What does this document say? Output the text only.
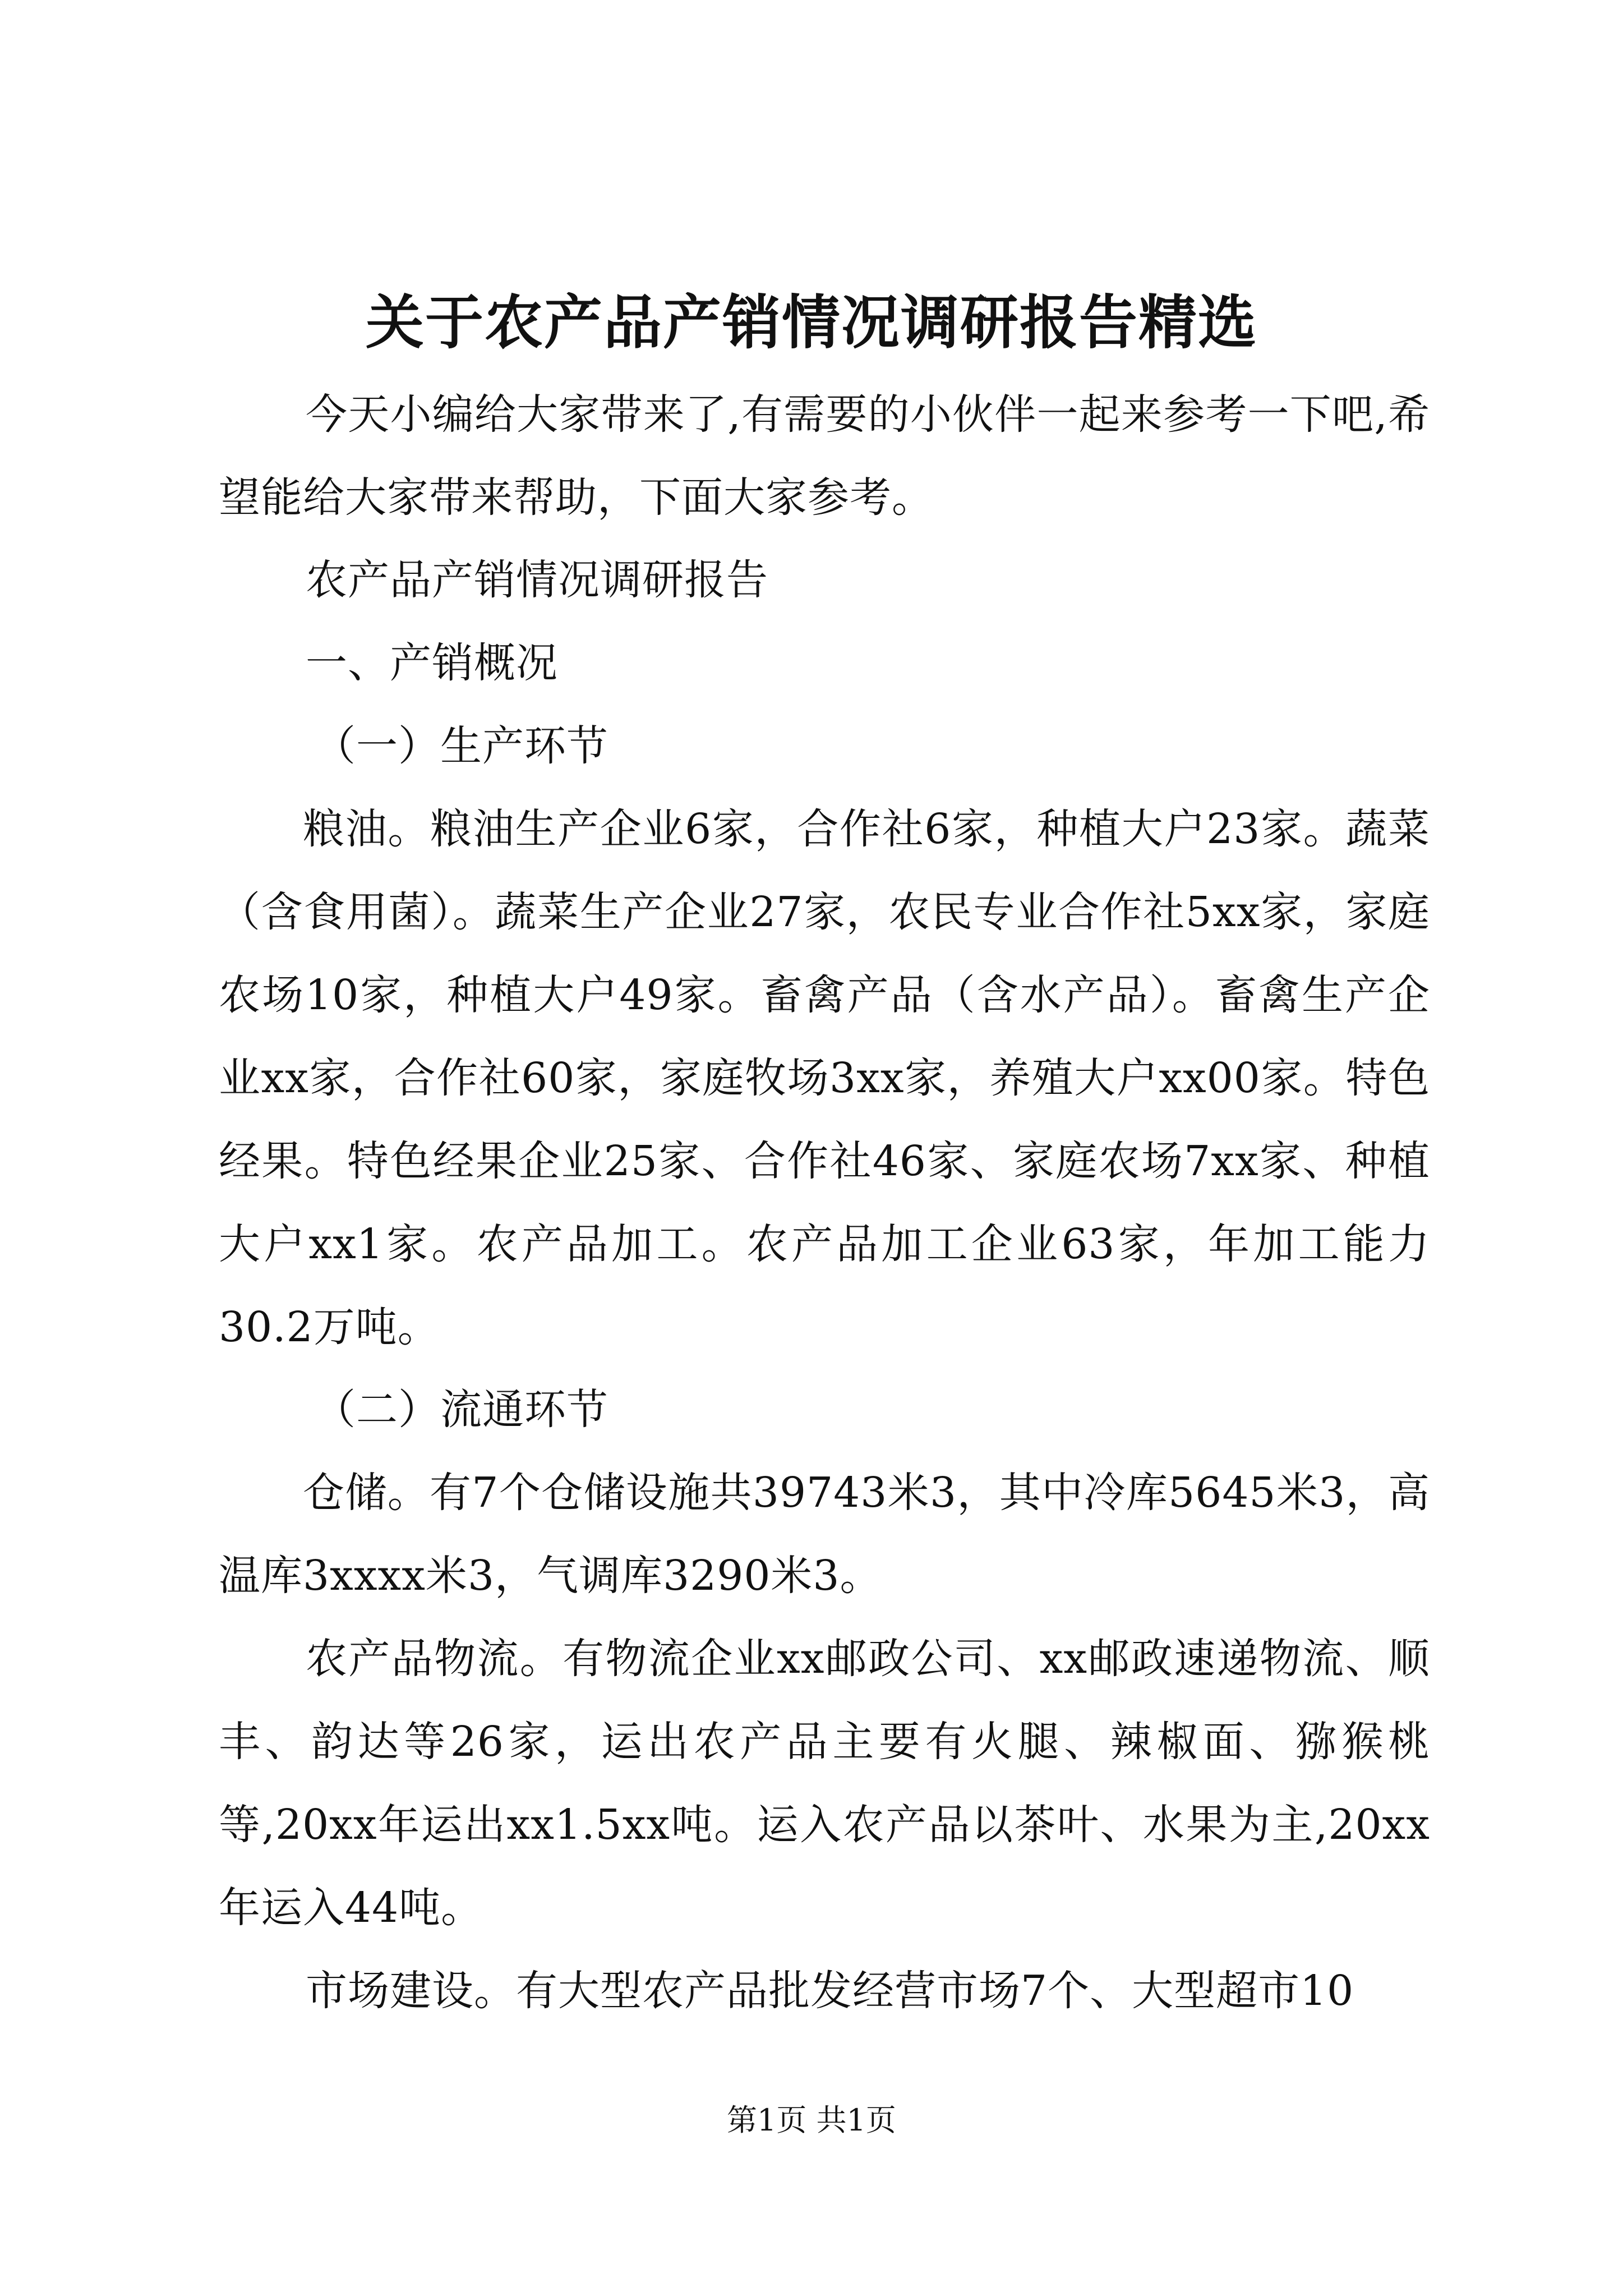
关于农产品产销情况调研报告精选

今天小编给大家带来了,有需要的小伙伴一起来参考一下吧,希望能给大家带来帮助，下面大家参考。

农产品产销情况调研报告

一、产销概况

（一）生产环节

粮油。粮油生产企业6家，合作社6家，种植大户23家。蔬菜（含食用菌）。蔬菜生产企业27家，农民专业合作社5xx家，家庭农场10家，种植大户49家。畜禽产品（含水产品）。畜禽生产企业xx家，合作社60家，家庭牧场3xx家，养殖大户xx00家。特色经果。特色经果企业25家、合作社46家、家庭农场7xx家、种植大户xx1家。农产品加工。农产品加工企业63家，年加工能力30.2万吨。

（二）流通环节

仓储。有7个仓储设施共39743米3，其中冷库5645米3，高温库3xxxx米3，气调库3290米3。

农产品物流。有物流企业xx邮政公司、xx邮政速递物流、顺丰、韵达等26家，运出农产品主要有火腿、辣椒面、猕猴桃等,20xx年运出xx1.5xx吨。运入农产品以茶叶、水果为主,20xx年运入44吨。

市场建设。有大型农产品批发经营市场7个、大型超市10

第1页 共1页
